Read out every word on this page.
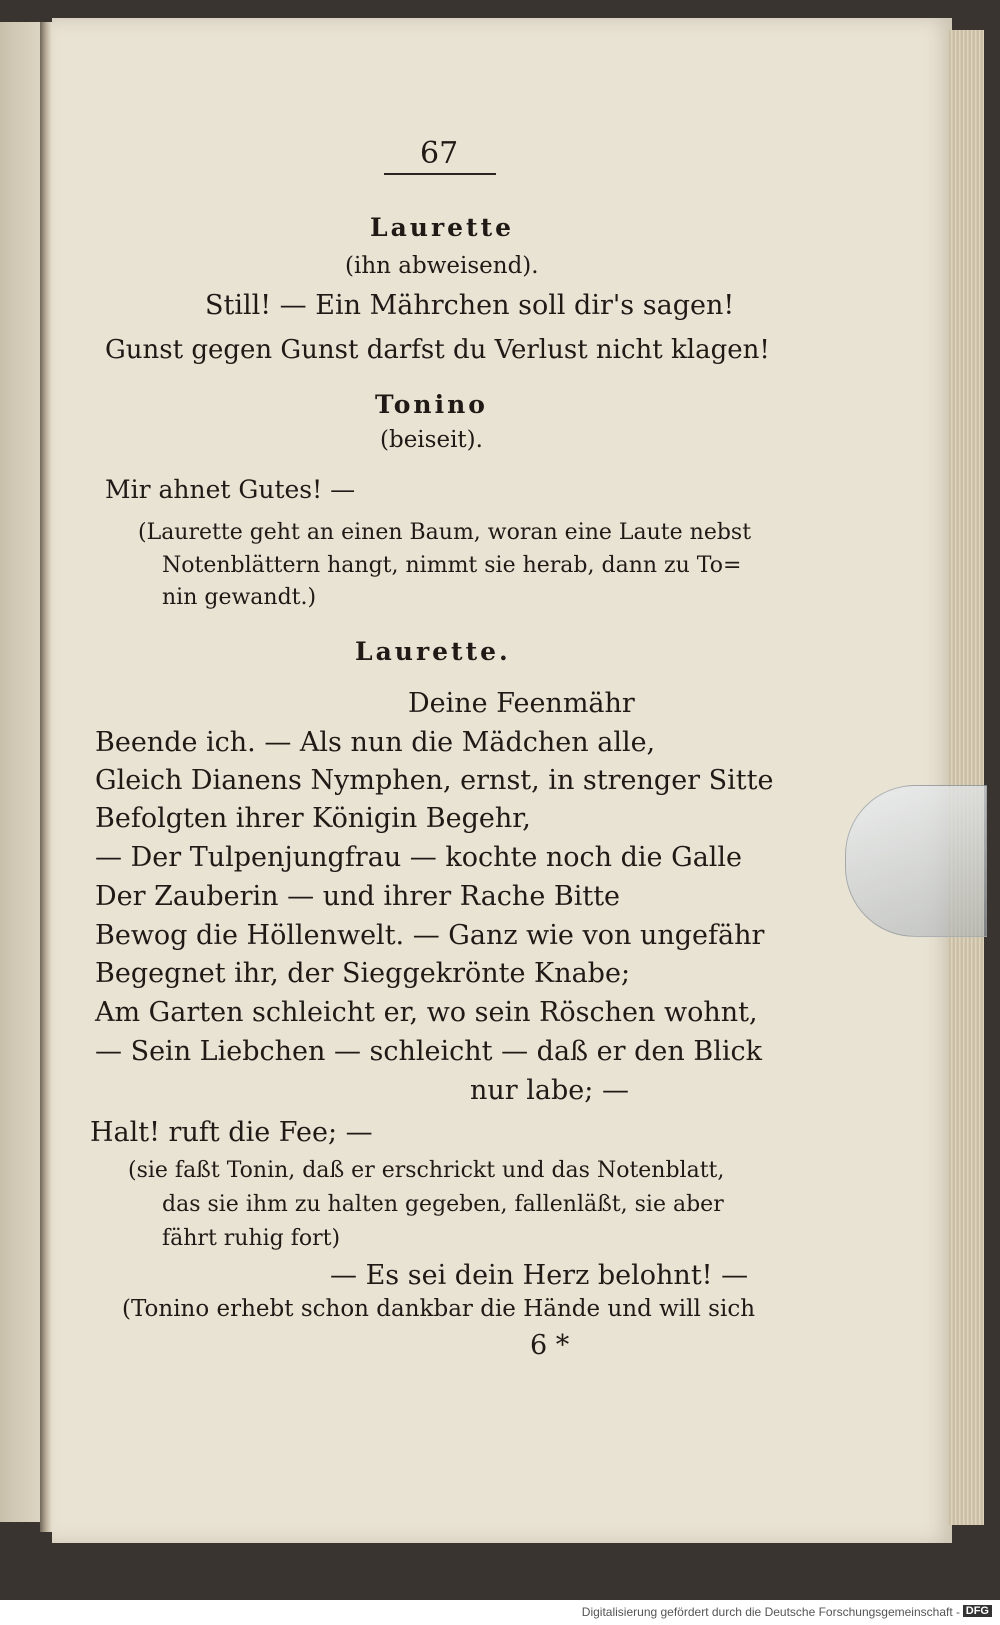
67
Laurette
(ihn abweisend).
Still! — Ein Mährchen soll dir's sagen!
Gunst gegen Gunst darfst du Verlust nicht klagen!
Tonino
(beiseit).
Mir ahnet Gutes! —
(Laurette geht an einen Baum, woran eine Laute nebst
Notenblättern hangt, nimmt sie herab, dann zu To=
nin gewandt.)
Laurette.
Deine Feenmähr
Beende ich. — Als nun die Mädchen alle,
Gleich Dianens Nymphen, ernst, in strenger Sitte
Befolgten ihrer Königin Begehr,
— Der Tulpenjungfrau — kochte noch die Galle
Der Zauberin — und ihrer Rache Bitte
Bewog die Höllenwelt. — Ganz wie von ungefähr
Begegnet ihr, der Sieggekrönte Knabe;
Am Garten schleicht er, wo sein Röschen wohnt,
— Sein Liebchen — schleicht — daß er den Blick
nur labe; —
Halt! ruft die Fee; —
(sie faßt Tonin, daß er erschrickt und das Notenblatt,
das sie ihm zu halten gegeben, fallenläßt, sie aber
fährt ruhig fort)
— Es sei dein Herz belohnt! —
(Tonino erhebt schon dankbar die Hände und will sich
6 *
Digitalisierung gefördert durch die Deutsche Forschungsgemeinschaft - DFG
